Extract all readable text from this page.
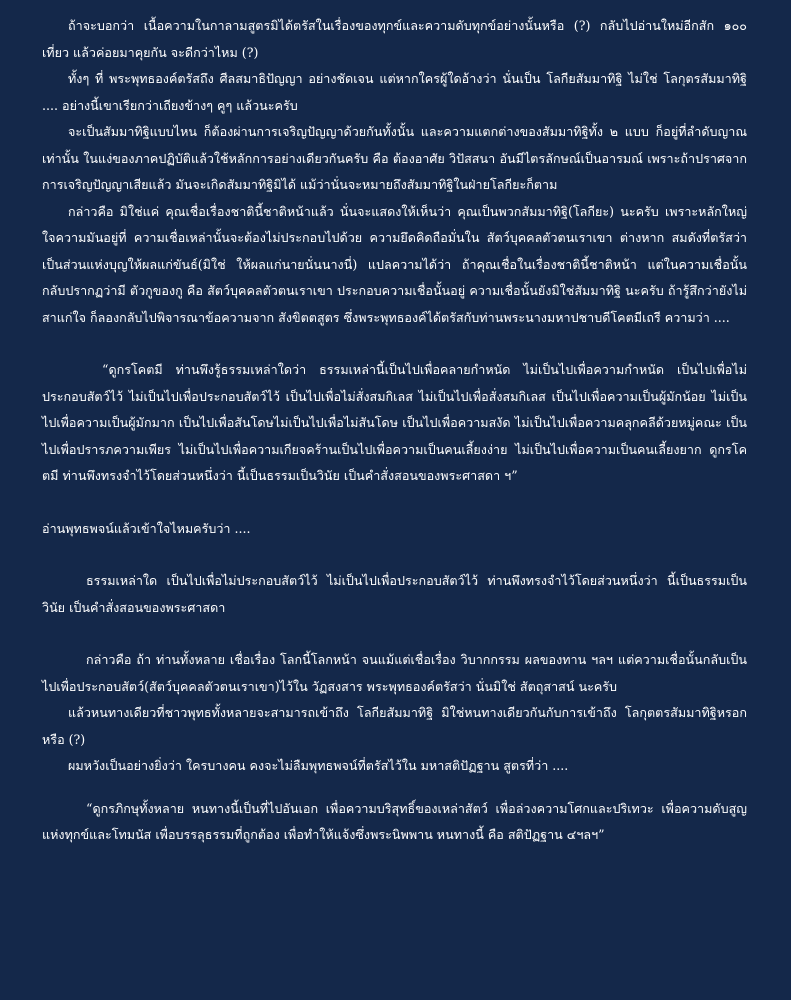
ถ้าจะบอกว่า เนื้อความในกาลามสูตรมิได้ตรัสในเรื่องของทุกข์และความดับทุกข์อย่างนั้นหรือ (?) กลับไปอ่านใหม่อีกสัก ๑๐๐ เที่ยว แล้วค่อยมาคุยกัน จะดีกว่าไหม (?)

ทั้งๆ ที่ พระพุทธองค์ตรัสถึง ศีลสมาธิปัญญา อย่างชัดเจน แต่หากใครผู้ใดอ้างว่า นั่นเป็น โลกียสัมมาทิฐิ ไม่ใช่ โลกุตรสัมมาทิฐิ .... อย่างนี้เขาเรียกว่าเถียงข้างๆ คูๆ แล้วนะครับ

จะเป็นสัมมาทิฐิแบบไหน ก็ต้องผ่านการเจริญปัญญาด้วยกันทั้งนั้น และความแตกต่างของสัมมาทิฐิทั้ง ๒ แบบ ก็อยู่ที่ลำดับญาณเท่านั้น ในแง่ของภาคปฏิบัติแล้วใช้หลักการอย่างเดียวกันครับ คือ ต้องอาศัย วิปัสสนา อันมีไตรลักษณ์เป็นอารมณ์ เพราะถ้าปราศจากการเจริญปัญญาเสียแล้ว มันจะเกิดสัมมาทิฐิมิได้ แม้ว่านั่นจะหมายถึงสัมมาทิฐิในฝ่ายโลกียะก็ตาม

กล่าวคือ มิใช่แค่ คุณเชื่อเรื่องชาตินี้ชาติหน้าแล้ว นั่นจะแสดงให้เห็นว่า คุณเป็นพวกสัมมาทิฐิ(โลกียะ) นะครับ เพราะหลักใหญ่ใจความมันอยู่ที่ ความเชื่อเหล่านั้นจะต้องไม่ประกอบไปด้วย ความยึดคิดถือมั่นใน สัตว์บุคคลตัวตนเราเขา ต่างหาก สมดังที่ตรัสว่า เป็นส่วนแห่งบุญให้ผลแก่ขันธ์(มิใช่ ให้ผลแก่นายนั่นนางนี่) แปลความได้ว่า ถ้าคุณเชื่อในเรื่องชาตินี้ชาติหน้า แต่ในความเชื่อนั้น กลับปรากฏว่ามี ตัวกูของกู คือ สัตว์บุคคลตัวตนเราเขา ประกอบความเชื่อนั้นอยู่ ความเชื่อนั้นยังมิใช่สัมมาทิฐิ นะครับ ถ้ารู้สึกว่ายังไม่สาแก่ใจ ก็ลองกลับไปพิจารณาข้อความจาก สังขิตตสูตร ซึ่งพระพุทธองค์ได้ตรัสกับท่านพระนางมหาปชาบดีโคตมีเถรี ความว่า ....

“ดูกรโคตมี ท่านพึงรู้ธรรมเหล่าใดว่า ธรรมเหล่านี้เป็นไปเพื่อคลายกำหนัด ไม่เป็นไปเพื่อความกำหนัด เป็นไปเพื่อไม่ประกอบสัตว์ไว้ ไม่เป็นไปเพื่อประกอบสัตว์ไว้ เป็นไปเพื่อไม่สั่งสมกิเลส ไม่เป็นไปเพื่อสั่งสมกิเลส เป็นไปเพื่อความเป็นผู้มักน้อย ไม่เป็นไปเพื่อความเป็นผู้มักมาก เป็นไปเพื่อสันโดษไม่เป็นไปเพื่อไม่สันโดษ เป็นไปเพื่อความสงัด ไม่เป็นไปเพื่อความคลุกคลีด้วยหมู่คณะ เป็นไปเพื่อปรารภความเพียร ไม่เป็นไปเพื่อความเกียจคร้านเป็นไปเพื่อความเป็นคนเลี้ยงง่าย ไม่เป็นไปเพื่อความเป็นคนเลี้ยงยาก ดูกรโคตมี ท่านพึงทรงจำไว้โดยส่วนหนึ่งว่า นี้เป็นธรรมเป็นวินัย เป็นคำสั่งสอนของพระศาสดา ฯ”

อ่านพุทธพจน์แล้วเข้าใจไหมครับว่า ....

ธรรมเหล่าใด เป็นไปเพื่อไม่ประกอบสัตว์ไว้ ไม่เป็นไปเพื่อประกอบสัตว์ไว้ ท่านพึงทรงจำไว้โดยส่วนหนึ่งว่า นี้เป็นธรรมเป็นวินัย เป็นคำสั่งสอนของพระศาสดา

กล่าวคือ ถ้า ท่านทั้งหลาย เชื่อเรื่อง โลกนี้โลกหน้า จนแม้แต่เชื่อเรื่อง วิบากกรรม ผลของทาน ฯลฯ แต่ความเชื่อนั้นกลับเป็นไปเพื่อประกอบสัตว์(สัตว์บุคคลตัวตนเราเขา)ไว้ใน วัฏสงสาร พระพุทธองค์ตรัสว่า นั่นมิใช่ สัตถุสาสน์ นะครับ

แล้วหนทางเดียวที่ชาวพุทธทั้งหลายจะสามารถเข้าถึง โลกียสัมมาทิฐิ มิใช่หนทางเดียวกันกับการเข้าถึง โลกุตตรสัมมาทิฐิหรอกหรือ (?)

ผมหวังเป็นอย่างยิ่งว่า ใครบางคน คงจะไม่ลืมพุทธพจน์ที่ตรัสไว้ใน มหาสติปัฏฐาน สูตรที่ว่า ....

“ดูกรภิกษุทั้งหลาย หนทางนี้เป็นที่ไปอันเอก เพื่อความบริสุทธิ์ของเหล่าสัตว์ เพื่อล่วงความโศกและปริเทวะ เพื่อความดับสูญ แห่งทุกข์และโทมนัส เพื่อบรรลุธรรมที่ถูกต้อง เพื่อทำให้แจ้งซึ่งพระนิพพาน หนทางนี้ คือ สติปัฏฐาน ๔ฯลฯ”
